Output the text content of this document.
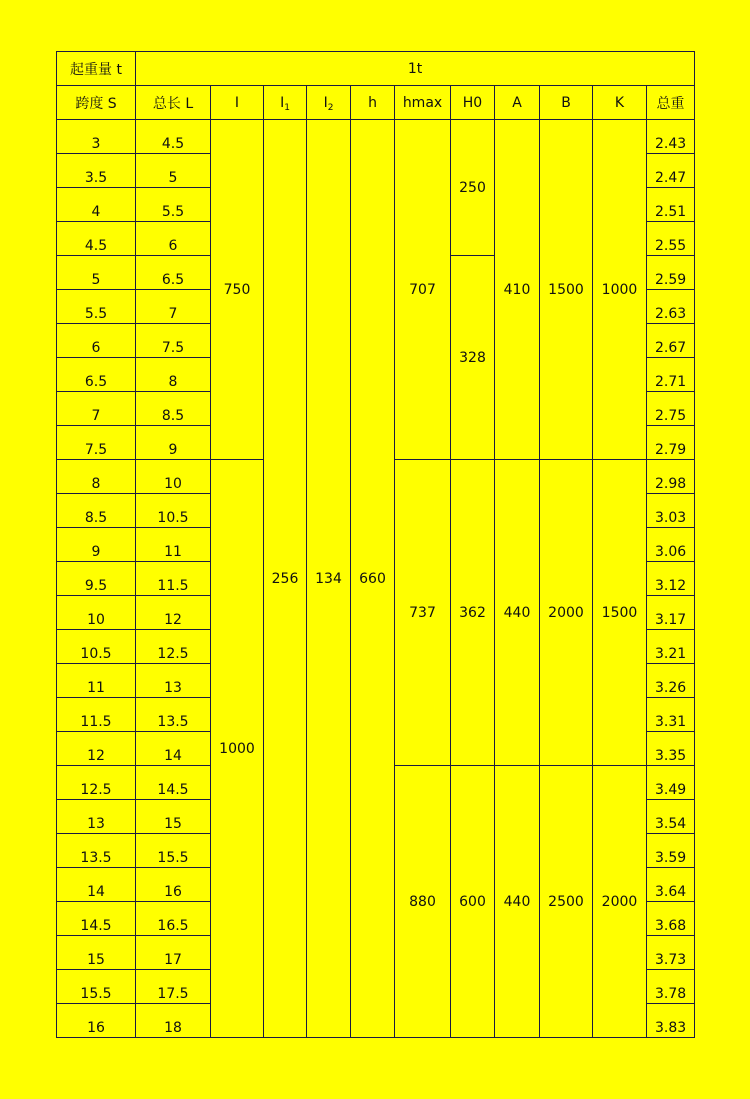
起重量 t	1t										
跨度 S	总长 L	I	$I_1$	$I_2$	h	hmax	H0	A	B	K	总重
3	4.5	750	256	134	660	707	250	410	1500	1000	2.43
3.5	5										2.47
4	5.5										2.51
4.5	6										2.55
5	6.5						328				2.59
5.5	7										2.63
6	7.5										2.67
6.5	8										2.71
7	8.5										2.75
7.5	9										2.79
8	10	1000				737	362	440	2000	1500	2.98
8.5	10.5										3.03
9	11										3.06
9.5	11.5										3.12
10	12										3.17
10.5	12.5										3.21
11	13										3.26
11.5	13.5										3.31
12	14										3.35
12.5	14.5					880	600	440	2500	2000	3.49
13	15										3.54
13.5	15.5										3.59
14	16										3.64
14.5	16.5										3.68
15	17										3.73
15.5	17.5										3.78
16	18										3.83
